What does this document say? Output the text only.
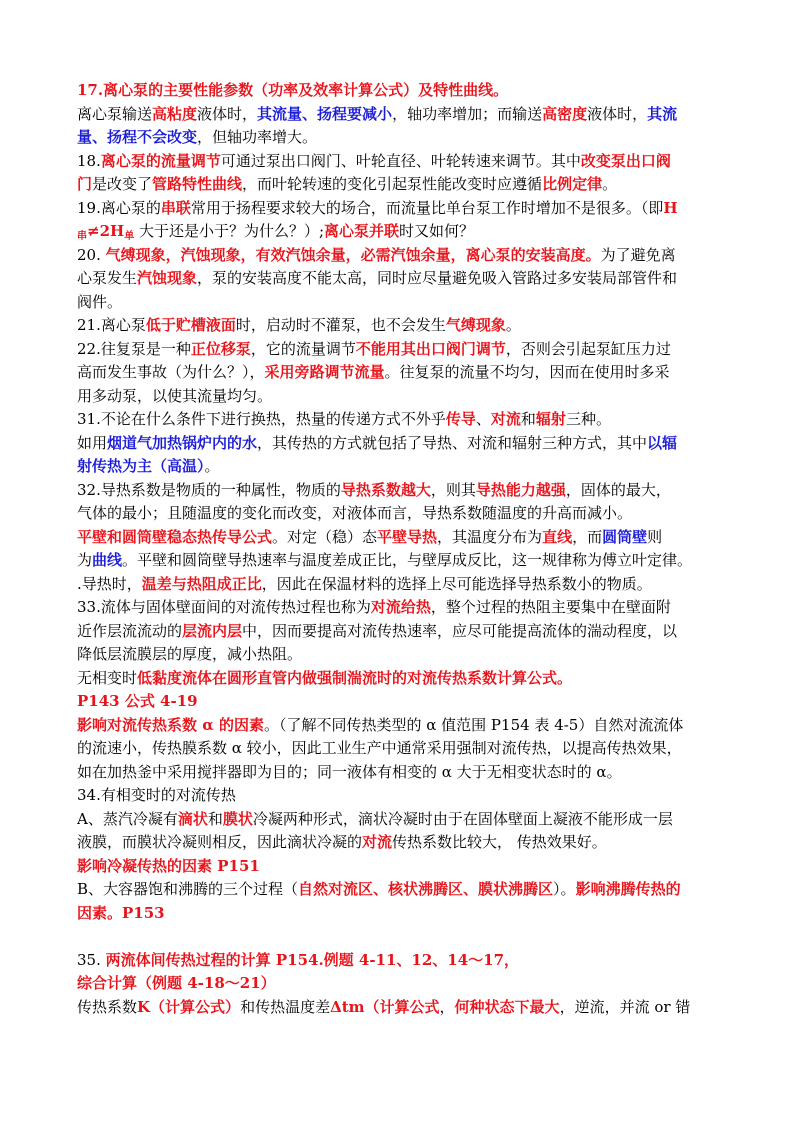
17.离心泵的主要性能参数（功率及效率计算公式）及特性曲线。
离心泵输送高粘度液体时，其流量、扬程要减小，轴功率增加；而输送高密度液体时，其流
量、扬程不会改变，但轴功率增大。
18.离心泵的流量调节可通过泵出口阀门、叶轮直径、叶轮转速来调节。其中改变泵出口阀
门是改变了管路特性曲线，而叶轮转速的变化引起泵性能改变时应遵循比例定律。
19.离心泵的串联常用于扬程要求较大的场合，而流量比单台泵工作时增加不是很多。（即H
$_串\ne 2H_单$ 大于还是小于？为什么？）;离心泵并联时又如何？
20. 气缚现象，汽蚀现象，有效汽蚀余量，必需汽蚀余量，离心泵的安装高度。为了避免离
心泵发生汽蚀现象，泵的安装高度不能太高，同时应尽量避免吸入管路过多安装局部管件和
阀件。
21.离心泵低于贮槽液面时，启动时不灌泵，也不会发生气缚现象。
22.往复泵是一种正位移泵，它的流量调节不能用其出口阀门调节，否则会引起泵缸压力过
高而发生事故（为什么？），采用旁路调节流量。往复泵的流量不均匀，因而在使用时多采
用多动泵，以使其流量均匀。
31.不论在什么条件下进行换热，热量的传递方式不外乎传导、对流和辐射三种。
如用烟道气加热锅炉内的水，其传热的方式就包括了导热、对流和辐射三种方式，其中以辐
射传热为主（高温）。
32.导热系数是物质的一种属性，物质的导热系数越大，则其导热能力越强，固体的最大，
气体的最小；且随温度的变化而改变，对液体而言，导热系数随温度的升高而减小。
平壁和圆筒壁稳态热传导公式。对定（稳）态平壁导热，其温度分布为直线，而圆筒壁则
为曲线。平壁和圆筒壁导热速率与温度差成正比，与壁厚成反比，这一规律称为傅立叶定律。
.导热时，温差与热阻成正比，因此在保温材料的选择上尽可能选择导热系数小的物质。
33.流体与固体壁面间的对流传热过程也称为对流给热，整个过程的热阻主要集中在壁面附
近作层流流动的层流内层中，因而要提高对流传热速率，应尽可能提高流体的湍动程度，以
降低层流膜层的厚度，减小热阻。
无相变时低黏度流体在圆形直管内做强制湍流时的对流传热系数计算公式。
P143 公式 4-19
影响对流传热系数 α 的因素。（了解不同传热类型的 α 值范围 P154 表 4-5）自然对流流体
的流速小，传热膜系数 α 较小，因此工业生产中通常采用强制对流传热，以提高传热效果，
如在加热釜中采用搅拌器即为目的；同一液体有相变的 α 大于无相变状态时的 α。
34.有相变时的对流传热
A、蒸汽冷凝有滴状和膜状冷凝两种形式，滴状冷凝时由于在固体壁面上凝液不能形成一层
液膜，而膜状冷凝则相反，因此滴状冷凝的对流传热系数比较大， 传热效果好。
影响冷凝传热的因素 P151
B、大容器饱和沸腾的三个过程（自然对流区、核状沸腾区、膜状沸腾区）。影响沸腾传热的
因素。P153
35. 两流体间传热过程的计算 P154.例题 4-11、12、14～17，
综合计算（例题 4-18～21）
传热系数K（计算公式）和传热温度差Δtm（计算公式，何种状态下最大，逆流，并流 or 错
